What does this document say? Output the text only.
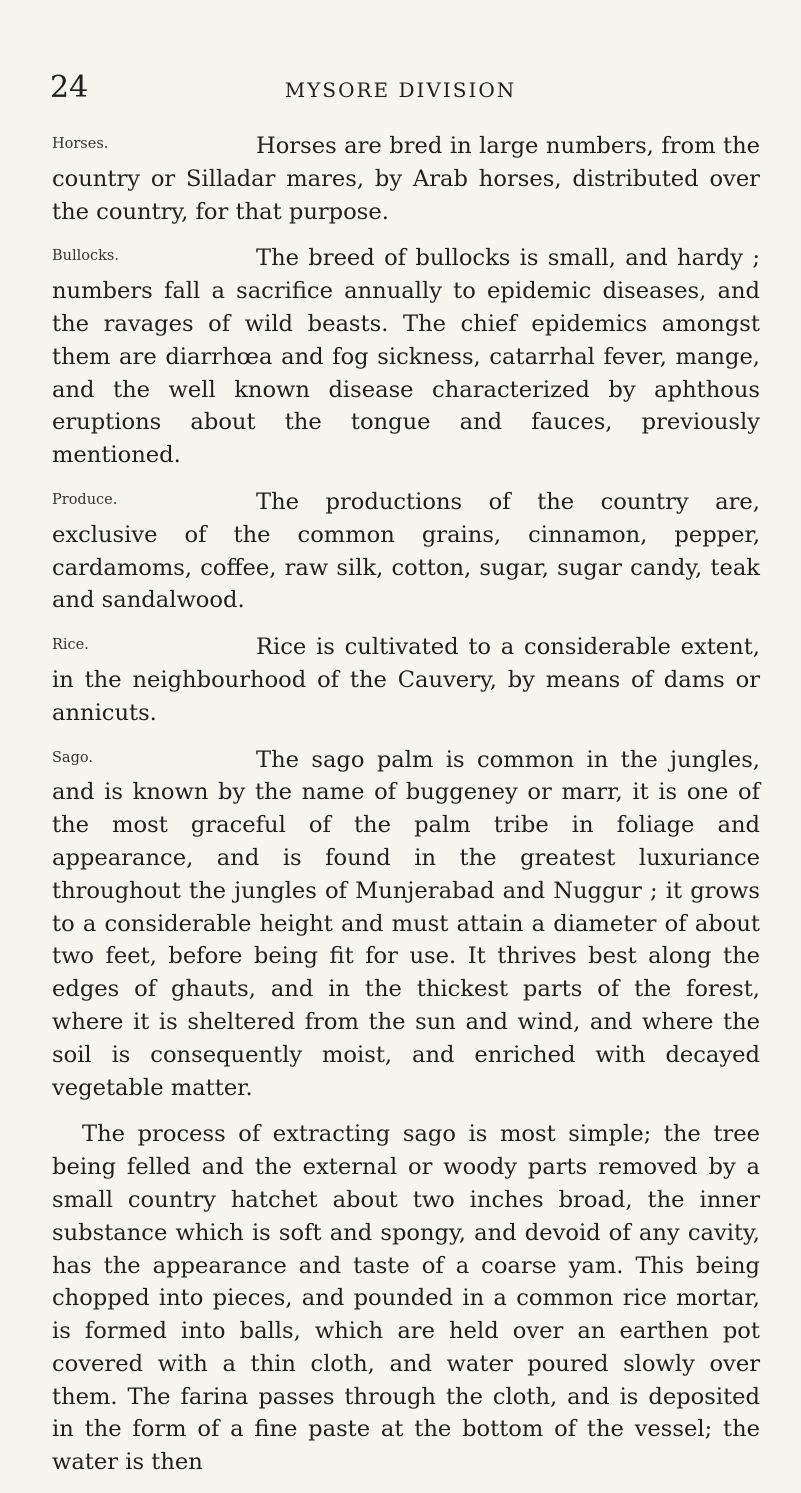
24	MYSORE DIVISION

Horses.	Horses are bred in large numbers, from the country or Silladar mares, by Arab horses, distributed over the country, for that purpose.

Bullocks.	The breed of bullocks is small, and hardy ; numbers fall a sacrifice annually to epidemic diseases, and the ravages of wild beasts. The chief epidemics amongst them are diarrhœa and fog sickness, catarrhal fever, mange, and the well known disease characterized by aphthous eruptions about the tongue and fauces, previously mentioned.

Produce.	The productions of the country are, exclusive of the common grains, cinnamon, pepper, cardamoms, coffee, raw silk, cotton, sugar, sugar candy, teak and sandalwood.

Rice.	Rice is cultivated to a considerable extent, in the neighbourhood of the Cauvery, by means of dams or annicuts.

Sago.	The sago palm is common in the jungles, and is known by the name of buggeney or marr, it is one of the most graceful of the palm tribe in foliage and appearance, and is found in the greatest luxuriance throughout the jungles of Munjerabad and Nuggur ; it grows to a considerable height and must attain a diameter of about two feet, before being fit for use. It thrives best along the edges of ghauts, and in the thickest parts of the forest, where it is sheltered from the sun and wind, and where the soil is consequently moist, and enriched with decayed vegetable matter.

The process of extracting sago is most simple; the tree being felled and the external or woody parts removed by a small country hatchet about two inches broad, the inner substance which is soft and spongy, and devoid of any cavity, has the appearance and taste of a coarse yam. This being chopped into pieces, and pounded in a common rice mortar, is formed into balls, which are held over an earthen pot covered with a thin cloth, and water poured slowly over them. The farina passes through the cloth, and is deposited in the form of a fine paste at the bottom of the vessel; the water is then
